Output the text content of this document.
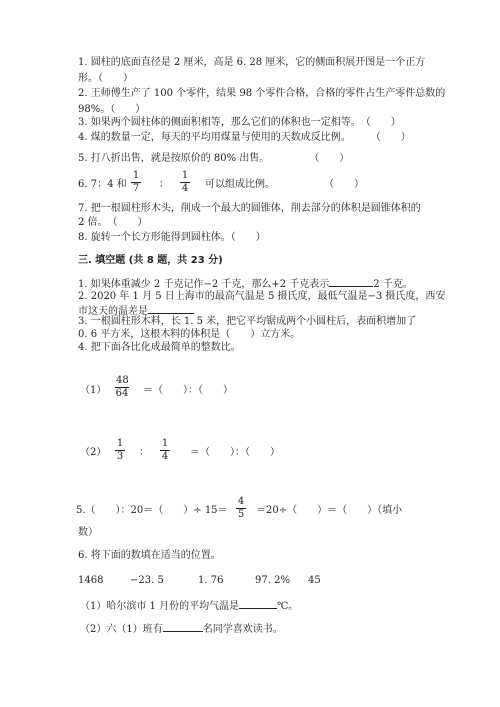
1. 圆柱的底面直径是 2 厘米，高是 6. 28 厘米，它的侧面积展开图是一个正方
形。（　　）
2. 王师傅生产了 100 个零件，结果 98 个零件合格，合格的零件占生产零件总数的
98%。（　　）
3. 如果两个圆柱体的侧面积相等，那么它们的体积也一定相等。　（　　）
4. 煤的数量一定，每天的平均用煤量与使用的天数成反比例。　　　（　　）
5. 打八折出售，就是按原价的 80% 出售。　　　　　（　　）
6. 7：4 和 $\frac{1}{7}$ ： $\frac{1}{4}$ 可以组成比例。	（　　）
7. 把一根圆柱形木头，削成一个最大的圆锥体，削去部分的体积是圆锥体积的
2 倍。　（　　）
8. 旋转一个长方形能得到圆柱体。（　　）
三. 填空题 (共 8 题，共 23 分)
1. 如果体重减少 2 千克记作−2 千克，那么+2 千克表示	2 千克。
2. 2020 年 1 月 5 日上海市的最高气温是 5 摄氏度，最低气温是−3 摄氏度，西安
市这天的温差是
3. 一根圆柱形木料，长 1. 5 米，把它平均锯成两个小圆柱后，表面积增加了
0. 6 平方米，这根木料的体积是（　　）立方米。
4. 把下面各比化成最简单的整数比。
$(1) \frac{48}{64}$ ＝（　　）：（　　）
$(2) \frac{1}{3}$ ： $\frac{1}{4}$ ＝（　　）：（　　）
5.（　　）：20＝（　　）÷ $15= \frac{4}{5} =20\div$（　　）＝（　　）（填小
数）
6. 将下面的数填在适当的位置。
1468	−23. 5	1. 76	97. 2% 45
（1）哈尔滨市 1 月份的平均气温是	℃。
（2）六（1）班有	名同学喜欢读书。
